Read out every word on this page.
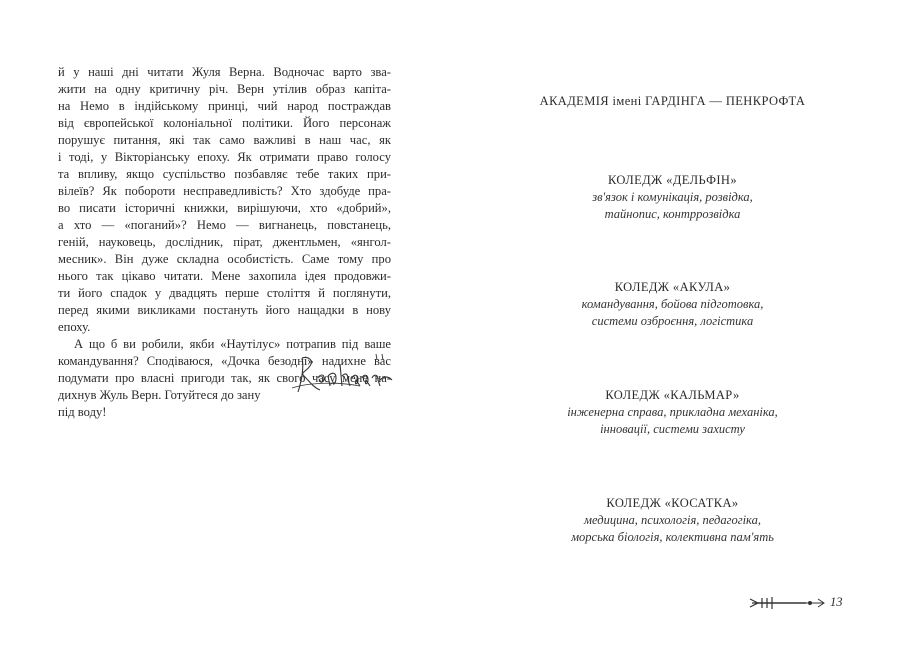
й у наші дні читати Жуля Верна. Водночас варто зва-
жити на одну критичну річ. Верн утілив образ капіта-
на Немо в індійському принці, чий народ постраждав
від європейської колоніальної політики. Його персонаж
порушує питання, які так само важливі в наш час, як
і тоді, у Вікторіанську епоху. Як отримати право голосу
та впливу, якщо суспільство позбавляє тебе таких при-
вілеїв? Як побороти несправедливість? Хто здобуде пра-
во писати історичні книжки, вирішуючи, хто «добрий»,
а хто — «поганий»? Немо — вигнанець, повстанець,
геній, науковець, дослідник, пірат, джентльмен, «янгол-
месник». Він дуже складна особистість. Саме тому про
нього так цікаво читати. Мене захопила ідея продовжи-
ти його спадок у двадцять перше століття й поглянути,
перед якими викликами постануть його нащадки в нову
епоху.
А що б ви робили, якби «Наутілус» потрапив під ваше
командування? Сподіваюся, «Дочка безодні» надихне вас
подумати про власні пригоди так, як свого часу мене на-
дихнув Жуль Верн. Готуйтеся до зану
під воду!
АКАДЕМІЯ імені ГАРДІНГА — ПЕНКРОФТА
КОЛЕДЖ «ДЕЛЬФІН»
зв'язок і комунікація, розвідка,
тайнопис, контррозвідка
КОЛЕДЖ «АКУЛА»
командування, бойова підготовка,
системи озброєння, логістика
КОЛЕДЖ «КАЛЬМАР»
інженерна справа, прикладна механіка,
інновації, системи захисту
КОЛЕДЖ «КОСАТКА»
медицина, психологія, педагогіка,
морська біологія, колективна пам'ять
13
